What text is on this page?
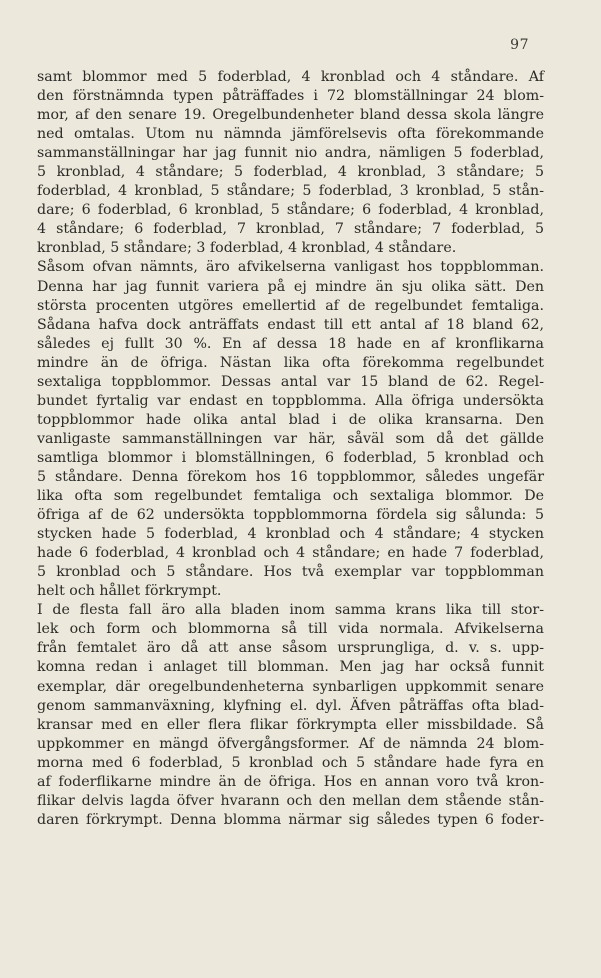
97
samt blommor med 5 foderblad, 4 kronblad och 4 ståndare. Af
den förstnämnda typen påträffades i 72 blomställningar 24 blom-
mor, af den senare 19. Oregelbundenheter bland dessa skola längre
ned omtalas. Utom nu nämnda jämförelsevis ofta förekommande
sammanställningar har jag funnit nio andra, nämligen 5 foderblad,
5 kronblad, 4 ståndare; 5 foderblad, 4 kronblad, 3 ståndare; 5
foderblad, 4 kronblad, 5 ståndare; 5 foderblad, 3 kronblad, 5 stån-
dare; 6 foderblad, 6 kronblad, 5 ståndare; 6 foderblad, 4 kronblad,
4 ståndare; 6 foderblad, 7 kronblad, 7 ståndare; 7 foderblad, 5
kronblad, 5 ståndare; 3 foderblad, 4 kronblad, 4 ståndare.
Såsom ofvan nämnts, äro afvikelserna vanligast hos toppblomman.
Denna har jag funnit variera på ej mindre än sju olika sätt. Den
största procenten utgöres emellertid af de regelbundet femtaliga.
Sådana hafva dock anträffats endast till ett antal af 18 bland 62,
således ej fullt 30 %. En af dessa 18 hade en af kronflikarna
mindre än de öfriga. Nästan lika ofta förekomma regelbundet
sextaliga toppblommor. Dessas antal var 15 bland de 62. Regel-
bundet fyrtalig var endast en toppblomma. Alla öfriga undersökta
toppblommor hade olika antal blad i de olika kransarna. Den
vanligaste sammanställningen var här, såväl som då det gällde
samtliga blommor i blomställningen, 6 foderblad, 5 kronblad och
5 ståndare. Denna förekom hos 16 toppblommor, således ungefär
lika ofta som regelbundet femtaliga och sextaliga blommor. De
öfriga af de 62 undersökta toppblommorna fördela sig sålunda: 5
stycken hade 5 foderblad, 4 kronblad och 4 ståndare; 4 stycken
hade 6 foderblad, 4 kronblad och 4 ståndare; en hade 7 foderblad,
5 kronblad och 5 ståndare. Hos två exemplar var toppblomman
helt och hållet förkrympt.
I de flesta fall äro alla bladen inom samma krans lika till stor-
lek och form och blommorna så till vida normala. Afvikelserna
från femtalet äro då att anse såsom ursprungliga, d. v. s. upp-
komna redan i anlaget till blomman. Men jag har också funnit
exemplar, där oregelbundenheterna synbarligen uppkommit senare
genom sammanväxning, klyfning el. dyl. Äfven påträffas ofta blad-
kransar med en eller flera flikar förkrympta eller missbildade. Så
uppkommer en mängd öfvergångsformer. Af de nämnda 24 blom-
morna med 6 foderblad, 5 kronblad och 5 ståndare hade fyra en
af foderflikarne mindre än de öfriga. Hos en annan voro två kron-
flikar delvis lagda öfver hvarann och den mellan dem stående stån-
daren förkrympt. Denna blomma närmar sig således typen 6 foder-
